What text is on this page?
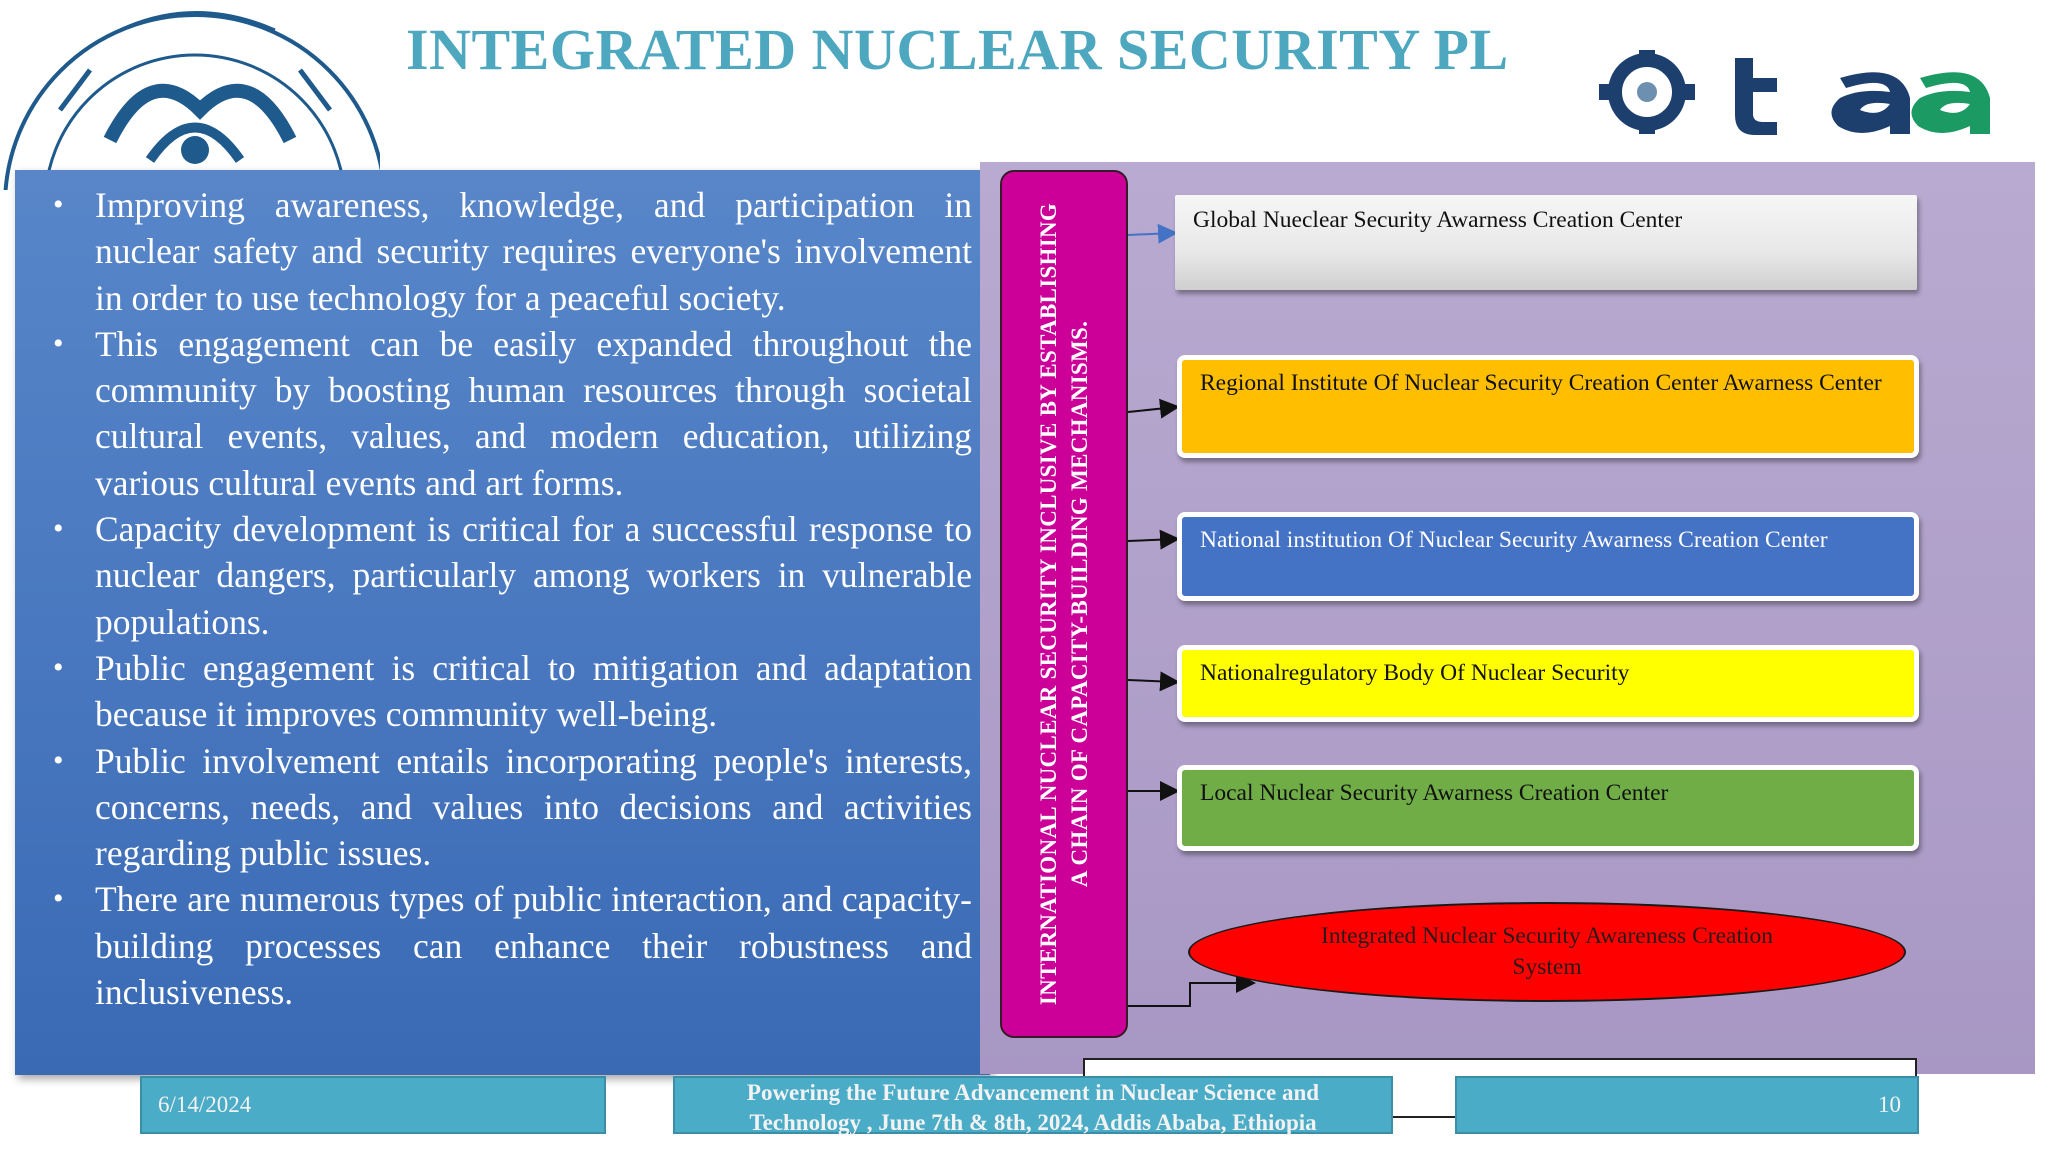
INTEGRATED NUCLEAR SECURITY PL
• Improving awareness, knowledge, and participation in nuclear safety and security requires everyone's involvement in order to use technology for a peaceful society.
• This engagement can be easily expanded throughout the community by boosting human resources through societal cultural events, values, and modern education, utilizing various cultural events and art forms.
• Capacity development is critical for a successful response to nuclear dangers, particularly among workers in vulnerable populations.
• Public engagement is critical to mitigation and adaptation because it improves community well-being.
• Public involvement entails incorporating people's interests, concerns, needs, and values into decisions and activities regarding public issues.
• There are numerous types of public interaction, and capacity-building processes can enhance their robustness and inclusiveness.	INTERNATIONAL NUCLEAR SECURITY INCLUSIVE BY ESTABLISHING A CHAIN OF CAPACITY-BUILDING MECHANISMS.
Global Nueclear Security Awarness Creation Center
Regional Institute Of Nuclear Security Creation Center Awarness Center
National institution Of Nuclear Security Awarness Creation Center
Nationalregulatory Body Of Nuclear Security
Local Nuclear Security Awarness Creation Center
Integrated Nuclear Security Awareness Creation System
6/14/2024	Powering the Future Advancement in Nuclear Science and
Technology , June 7th & 8th, 2024, Addis Ababa, Ethiopia
10
